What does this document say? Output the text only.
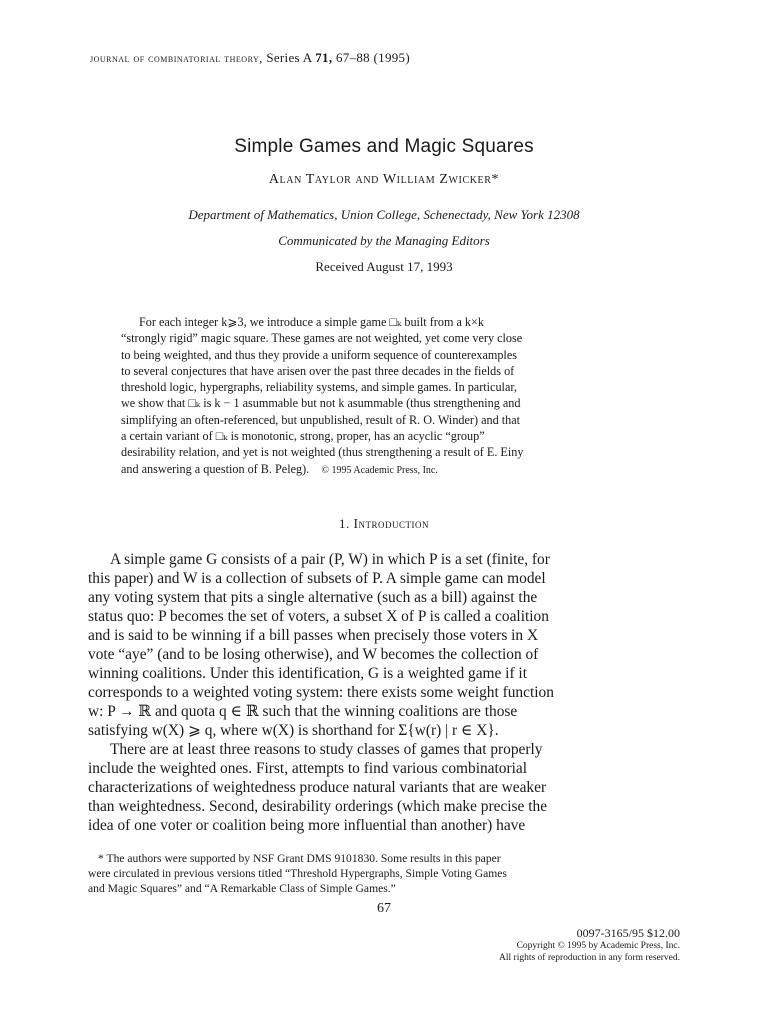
journal of combinatorial theory, Series A 71, 67–88 (1995)
Simple Games and Magic Squares
Alan Taylor and William Zwicker*
Department of Mathematics, Union College, Schenectady, New York 12308
Communicated by the Managing Editors
Received August 17, 1993
For each integer k⩾3, we introduce a simple game □ₖ built from a k×k
“strongly rigid” magic square. These games are not weighted, yet come very close
to being weighted, and thus they provide a uniform sequence of counterexamples
to several conjectures that have arisen over the past three decades in the fields of
threshold logic, hypergraphs, reliability systems, and simple games. In particular,
we show that □ₖ is k − 1 asummable but not k asummable (thus strengthening and
simplifying an often-referenced, but unpublished, result of R. O. Winder) and that
a certain variant of □ₖ is monotonic, strong, proper, has an acyclic “group”
desirability relation, and yet is not weighted (thus strengthening a result of E. Einy
and answering a question of B. Peleg). © 1995 Academic Press, Inc.
1. Introduction
A simple game G consists of a pair (P, W) in which P is a set (finite, for
this paper) and W is a collection of subsets of P. A simple game can model
any voting system that pits a single alternative (such as a bill) against the
status quo: P becomes the set of voters, a subset X of P is called a coalition
and is said to be winning if a bill passes when precisely those voters in X
vote “aye” (and to be losing otherwise), and W becomes the collection of
winning coalitions. Under this identification, G is a weighted game if it
corresponds to a weighted voting system: there exists some weight function
w: P → ℝ and quota q ∈ ℝ such that the winning coalitions are those
satisfying w(X) ⩾ q, where w(X) is shorthand for Σ{w(r) | r ∈ X}.
There are at least three reasons to study classes of games that properly
include the weighted ones. First, attempts to find various combinatorial
characterizations of weightedness produce natural variants that are weaker
than weightedness. Second, desirability orderings (which make precise the
idea of one voter or coalition being more influential than another) have
* The authors were supported by NSF Grant DMS 9101830. Some results in this paper
were circulated in previous versions titled “Threshold Hypergraphs, Simple Voting Games
and Magic Squares” and “A Remarkable Class of Simple Games.”
67
0097-3165/95 $12.00
Copyright © 1995 by Academic Press, Inc.
All rights of reproduction in any form reserved.
